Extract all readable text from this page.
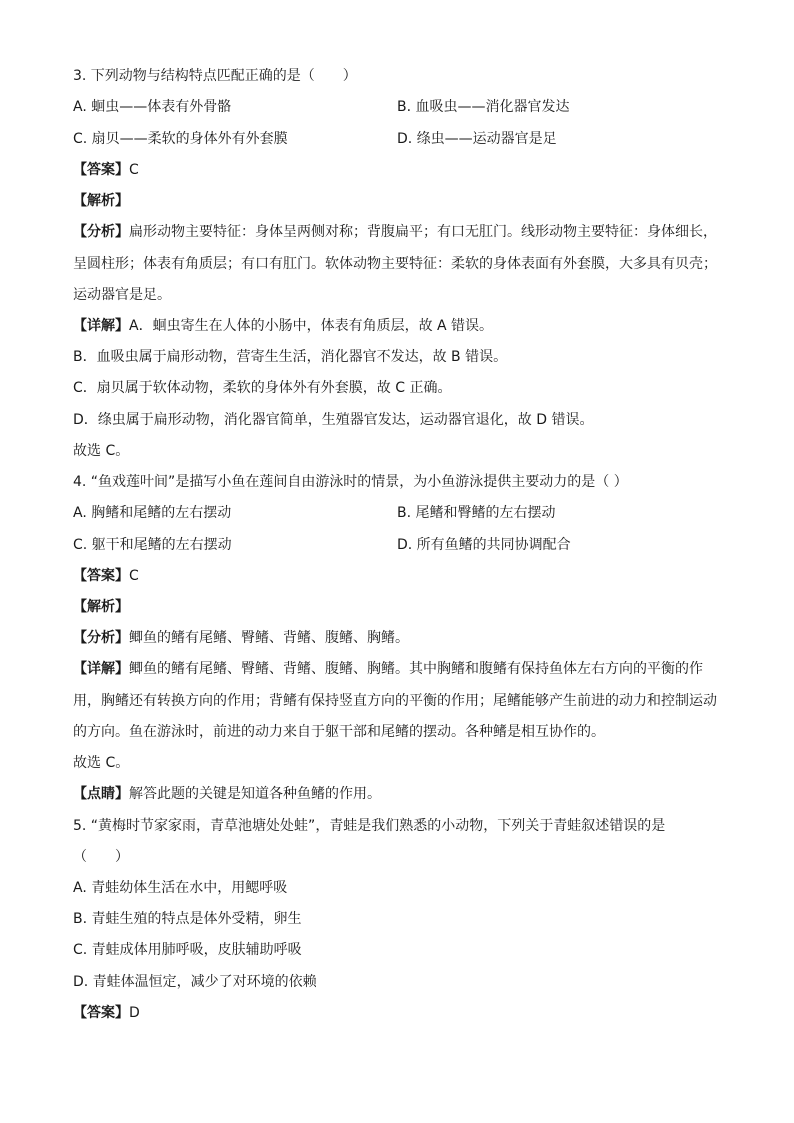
3. 下列动物与结构特点匹配正确的是（　　）
A. 蛔虫——体表有外骨骼	B. 血吸虫——消化器官发达
C. 扇贝——柔软的身体外有外套膜	D. 绦虫——运动器官是足
【答案】C
【解析】
【分析】扁形动物主要特征：身体呈两侧对称；背腹扁平；有口无肛门。线形动物主要特征：身体细长，
呈圆柱形；体表有角质层；有口有肛门。软体动物主要特征：柔软的身体表面有外套膜，大多具有贝壳；
运动器官是足。
【详解】A．蛔虫寄生在人体的小肠中，体表有角质层，故 A 错误。
B．血吸虫属于扁形动物，营寄生生活，消化器官不发达，故 B 错误。
C．扇贝属于软体动物，柔软的身体外有外套膜，故 C 正确。
D．绦虫属于扁形动物，消化器官简单，生殖器官发达，运动器官退化，故 D 错误。
故选 C。
4. “鱼戏莲叶间”是描写小鱼在莲间自由游泳时的情景，为小鱼游泳提供主要动力的是（ ）
A. 胸鳍和尾鳍的左右摆动	B. 尾鳍和臀鳍的左右摆动
C. 躯干和尾鳍的左右摆动	D. 所有鱼鳍的共同协调配合
【答案】C
【解析】
【分析】鲫鱼的鳍有尾鳍、臀鳍、背鳍、腹鳍、胸鳍。
【详解】鲫鱼的鳍有尾鳍、臀鳍、背鳍、腹鳍、胸鳍。其中胸鳍和腹鳍有保持鱼体左右方向的平衡的作
用，胸鳍还有转换方向的作用；背鳍有保持竖直方向的平衡的作用；尾鳍能够产生前进的动力和控制运动
的方向。鱼在游泳时，前进的动力来自于躯干部和尾鳍的摆动。各种鳍是相互协作的。
故选 C。
【点睛】解答此题的关键是知道各种鱼鳍的作用。
5. “黄梅时节家家雨，青草池塘处处蛙”，青蛙是我们熟悉的小动物，下列关于青蛙叙述错误的是
（　　）
A. 青蛙幼体生活在水中，用鳃呼吸
B. 青蛙生殖的特点是体外受精，卵生
C. 青蛙成体用肺呼吸，皮肤辅助呼吸
D. 青蛙体温恒定，减少了对环境的依赖
【答案】D
